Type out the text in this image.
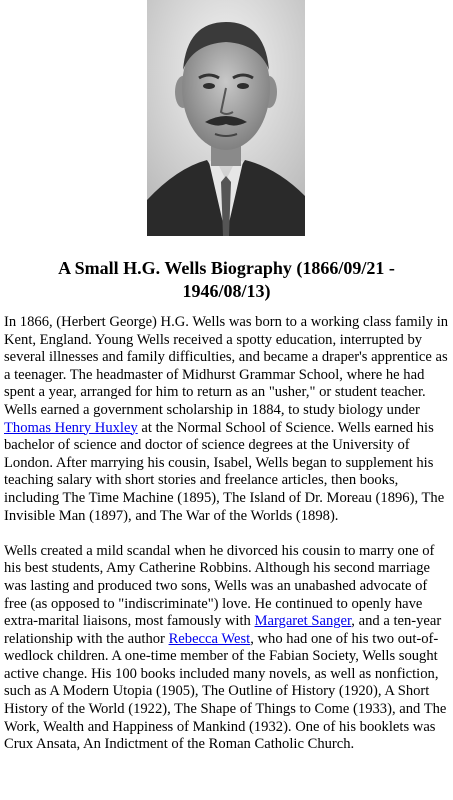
A Small H.G. Wells Biography (1866/09/21 - 1946/08/13)

In 1866, (Herbert George) H.G. Wells was born to a working class family in Kent, England. Young Wells received a spotty education, interrupted by several illnesses and family difficulties, and became a draper's apprentice as a teenager. The headmaster of Midhurst Grammar School, where he had spent a year, arranged for him to return as an "usher," or student teacher. Wells earned a government scholarship in 1884, to study biology under Thomas Henry Huxley at the Normal School of Science. Wells earned his bachelor of science and doctor of science degrees at the University of London. After marrying his cousin, Isabel, Wells began to supplement his teaching salary with short stories and freelance articles, then books, including The Time Machine (1895), The Island of Dr. Moreau (1896), The Invisible Man (1897), and The War of the Worlds (1898).

Wells created a mild scandal when he divorced his cousin to marry one of his best students, Amy Catherine Robbins. Although his second marriage was lasting and produced two sons, Wells was an unabashed advocate of free (as opposed to "indiscriminate") love. He continued to openly have extra-marital liaisons, most famously with Margaret Sanger, and a ten-year relationship with the author Rebecca West, who had one of his two out-of-wedlock children. A one-time member of the Fabian Society, Wells sought active change. His 100 books included many novels, as well as nonfiction, such as A Modern Utopia (1905), The Outline of History (1920), A Short History of the World (1922), The Shape of Things to Come (1933), and The Work, Wealth and Happiness of Mankind (1932). One of his booklets was Crux Ansata, An Indictment of the Roman Catholic Church.
